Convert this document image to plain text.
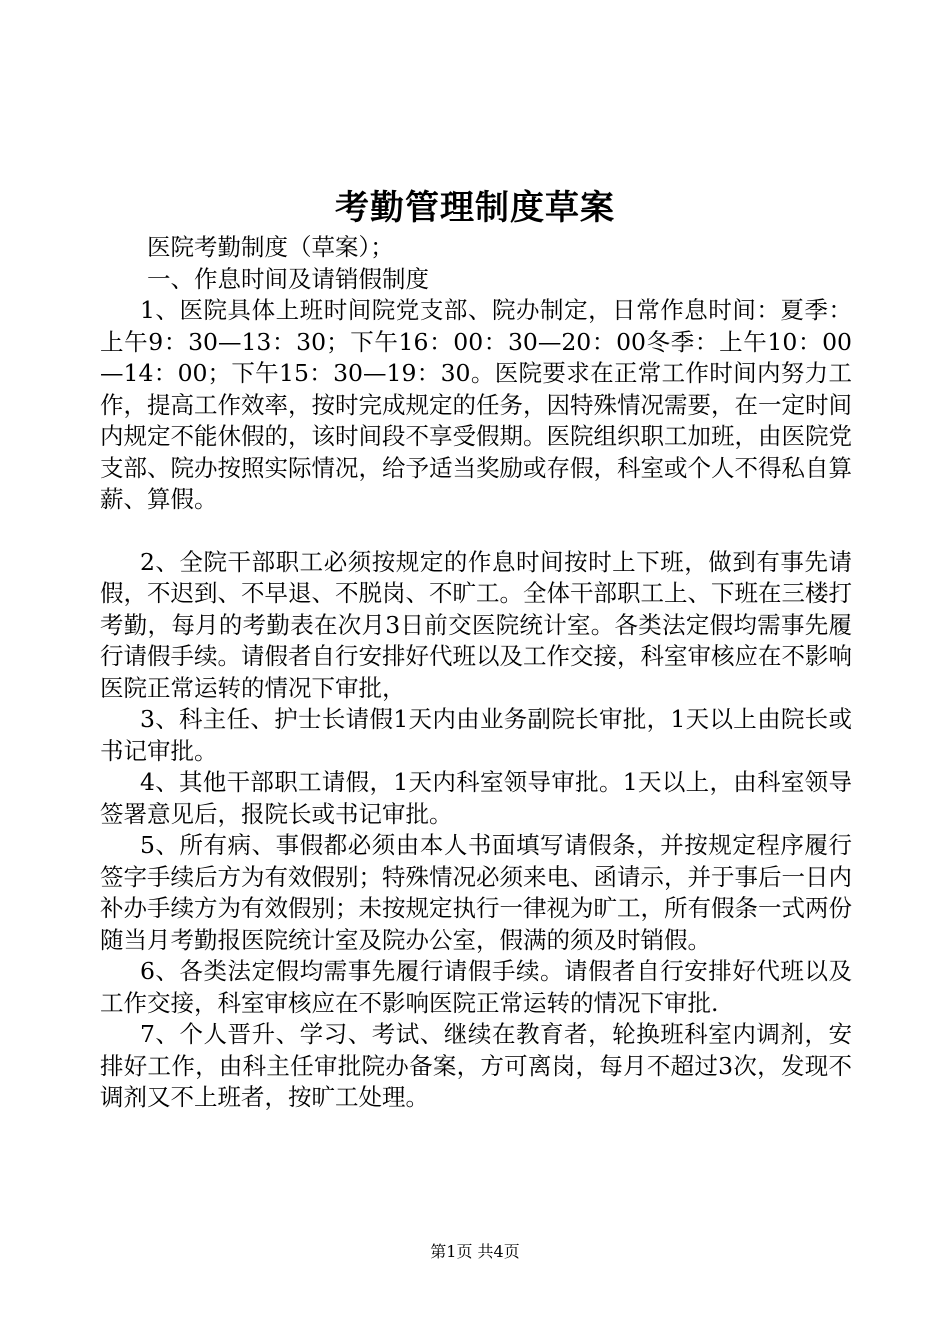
考勤管理制度草案

医院考勤制度（草案）；

一、作息时间及请销假制度

1、医院具体上班时间院党支部、院办制定，日常作息时间：夏季：上午9：30—13：30；下午16：00：30—20：00冬季：上午10：00—14：00；下午15：30—19：30。医院要求在正常工作时间内努力工作，提高工作效率，按时完成规定的任务，因特殊情况需要，在一定时间内规定不能休假的，该时间段不享受假期。医院组织职工加班，由医院党支部、院办按照实际情况，给予适当奖励或存假，科室或个人不得私自算薪、算假。

2、全院干部职工必须按规定的作息时间按时上下班，做到有事先请假，不迟到、不早退、不脱岗、不旷工。全体干部职工上、下班在三楼打考勤，每月的考勤表在次月3日前交医院统计室。各类法定假均需事先履行请假手续。请假者自行安排好代班以及工作交接，科室审核应在不影响医院正常运转的情况下审批，

3、科主任、护士长请假1天内由业务副院长审批，1天以上由院长或书记审批。

4、其他干部职工请假，1天内科室领导审批。1天以上，由科室领导签署意见后，报院长或书记审批。

5、所有病、事假都必须由本人书面填写请假条，并按规定程序履行签字手续后方为有效假别；特殊情况必须来电、函请示，并于事后一日内补办手续方为有效假别；未按规定执行一律视为旷工，所有假条一式两份随当月考勤报医院统计室及院办公室，假满的须及时销假。

6、各类法定假均需事先履行请假手续。请假者自行安排好代班以及工作交接，科室审核应在不影响医院正常运转的情况下审批.

7、个人晋升、学习、考试、继续在教育者，轮换班科室内调剂，安排好工作，由科主任审批院办备案，方可离岗，每月不超过3次，发现不调剂又不上班者，按旷工处理。

第1页 共4页
